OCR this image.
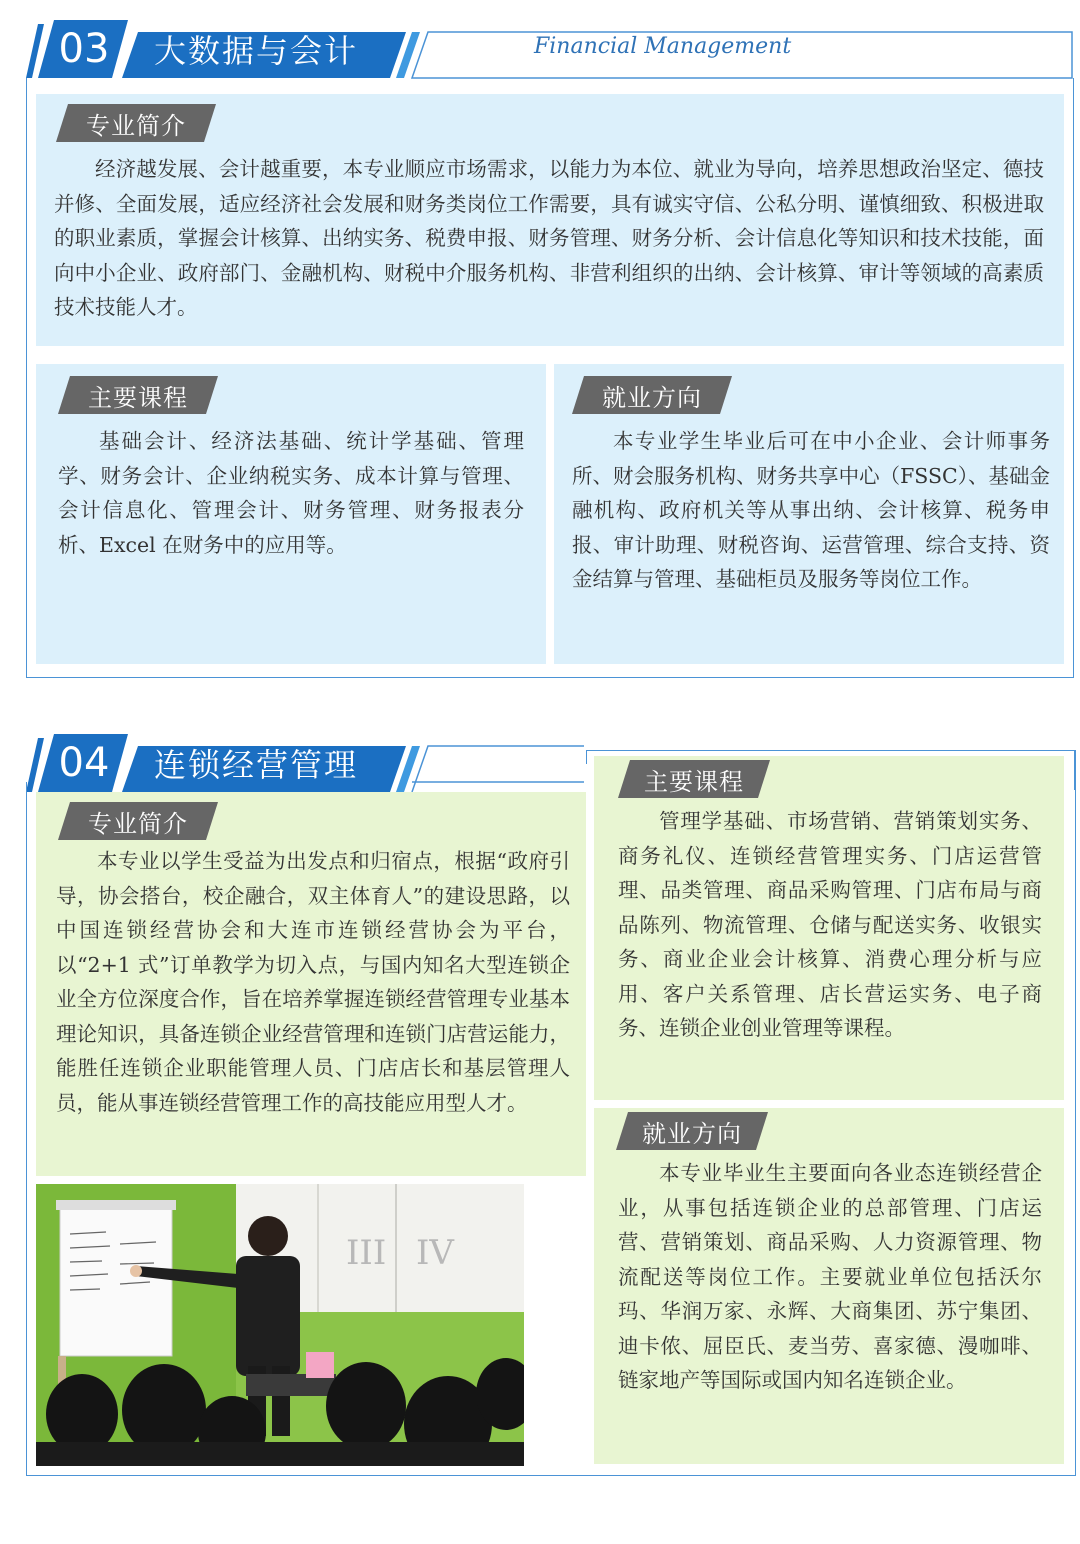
03	大数据与会计	Financial Management
专业简介

经济越发展、会计越重要，本专业顺应市场需求，以能力为本位、就业为导向，培养思想政治坚定、德技并修、全面发展，适应经济社会发展和财务类岗位工作需要，具有诚实守信、公私分明、谨慎细致、积极进取的职业素质，掌握会计核算、出纳实务、税费申报、财务管理、财务分析、会计信息化等知识和技术技能，面向中小企业、政府部门、金融机构、财税中介服务机构、非营利组织的出纳、会计核算、审计等领域的高素质技术技能人才。

主要课程

基础会计、经济法基础、统计学基础、管理学、财务会计、企业纳税实务、成本计算与管理、会计信息化、管理会计、财务管理、财务报表分析、Excel 在财务中的应用等。

就业方向

本专业学生毕业后可在中小企业、会计师事务所、财会服务机构、财务共享中心（FSSC）、基础金融机构、政府机关等从事出纳、会计核算、税务申报、审计助理、财税咨询、运营管理、综合支持、资金结算与管理、基础柜员及服务等岗位工作。

04	连锁经营管理
专业简介

本专业以学生受益为出发点和归宿点，根据“政府引导，协会搭台，校企融合，双主体育人”的建设思路，以中国连锁经营协会和大连市连锁经营协会为平台，以“2+1 式”订单教学为切入点，与国内知名大型连锁企业全方位深度合作，旨在培养掌握连锁经营管理专业基本理论知识，具备连锁企业经营管理和连锁门店营运能力，能胜任连锁企业职能管理人员、门店店长和基层管理人员，能从事连锁经营管理工作的高技能应用型人才。

III IV
主要课程

管理学基础、市场营销、营销策划实务、商务礼仪、连锁经营管理实务、门店运营管理、品类管理、商品采购管理、门店布局与商品陈列、物流管理、仓储与配送实务、收银实务、商业企业会计核算、消费心理分析与应用、客户关系管理、店长营运实务、电子商务、连锁企业创业管理等课程。

就业方向

本专业毕业生主要面向各业态连锁经营企业，从事包括连锁企业的总部管理、门店运营、营销策划、商品采购、人力资源管理、物流配送等岗位工作。主要就业单位包括沃尔玛、华润万家、永辉、大商集团、苏宁集团、迪卡侬、屈臣氏、麦当劳、喜家德、漫咖啡、链家地产等国际或国内知名连锁企业。
